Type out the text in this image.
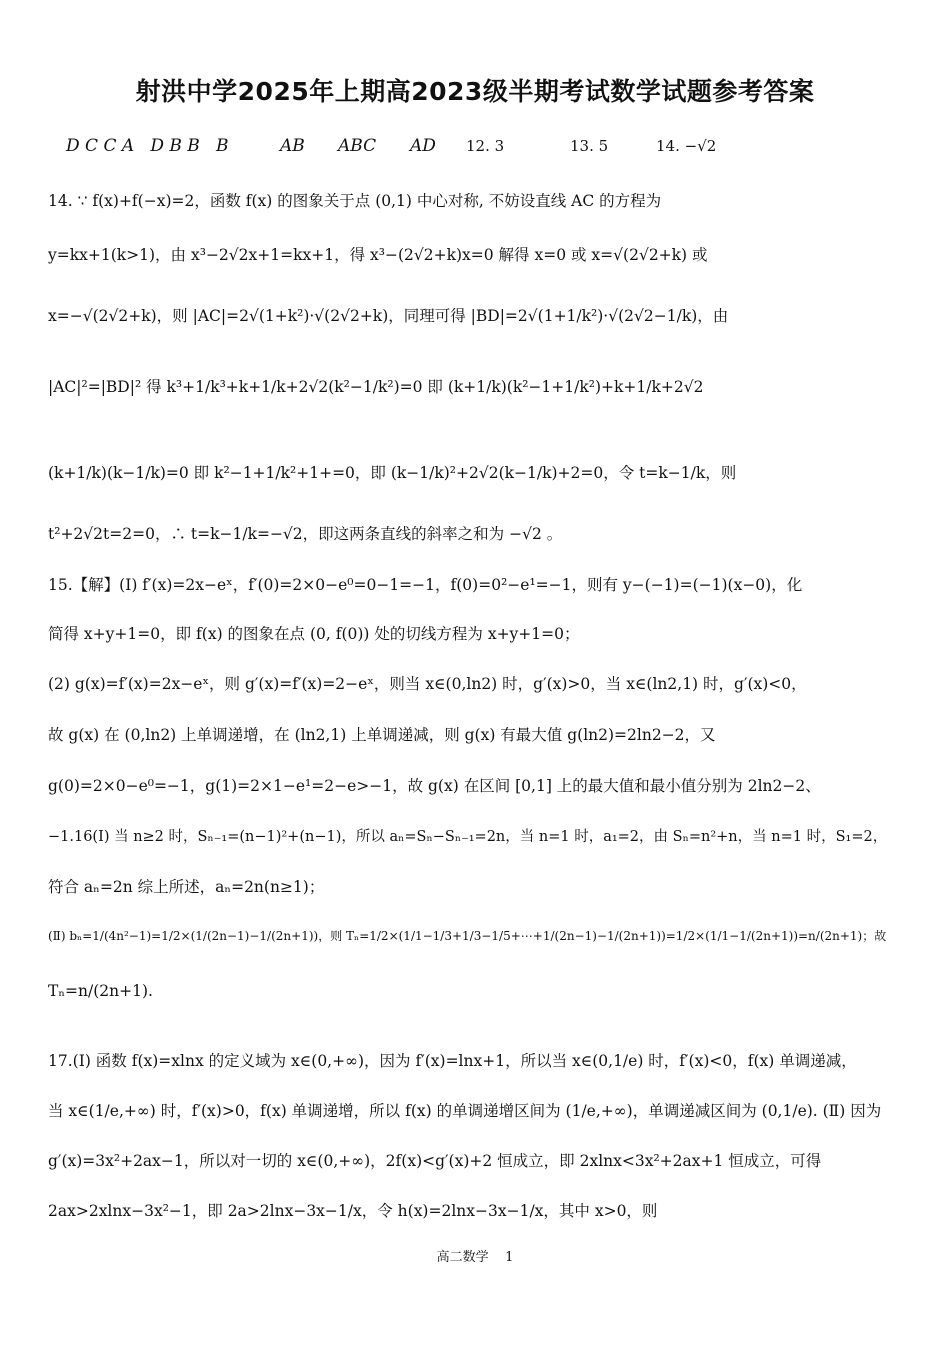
射洪中学2025年上期高2023级半期考试数学试题参考答案
D C C A   D B B   B	AB	ABC	AD	12. 3	13. 5	14. −√2
14. ∵ f(x)+f(−x)=2，函数 f(x) 的图象关于点 (0,1) 中心对称, 不妨设直线 AC 的方程为
y=kx+1(k>1)，由 x³−2√2x+1=kx+1，得 x³−(2√2+k)x=0 解得 x=0 或 x=√(2√2+k) 或
x=−√(2√2+k)，则 |AC|=2√(1+k²)·√(2√2+k)，同理可得 |BD|=2√(1+1/k²)·√(2√2−1/k)，由
|AC|²=|BD|² 得 k³+1/k³+k+1/k+2√2(k²−1/k²)=0 即 (k+1/k)(k²−1+1/k²)+k+1/k+2√2
(k+1/k)(k−1/k)=0 即 k²−1+1/k²+1+=0，即 (k−1/k)²+2√2(k−1/k)+2=0，令 t=k−1/k，则
t²+2√2t=2=0，∴ t=k−1/k=−√2，即这两条直线的斜率之和为 −√2 。
15.【解】(Ⅰ) f′(x)=2x−eˣ，f′(0)=2×0−e⁰=0−1=−1，f(0)=0²−e¹=−1，则有 y−(−1)=(−1)(x−0)，化
简得 x+y+1=0，即 f(x) 的图象在点 (0, f(0)) 处的切线方程为 x+y+1=0；
(2) g(x)=f′(x)=2x−eˣ，则 g′(x)=f′(x)=2−eˣ，则当 x∈(0,ln2) 时，g′(x)>0，当 x∈(ln2,1) 时，g′(x)<0，
故 g(x) 在 (0,ln2) 上单调递增，在 (ln2,1) 上单调递减，则 g(x) 有最大值 g(ln2)=2ln2−2，又
g(0)=2×0−e⁰=−1，g(1)=2×1−e¹=2−e>−1，故 g(x) 在区间 [0,1] 上的最大值和最小值分别为 2ln2−2、
−1.16(Ⅰ) 当 n≥2 时，Sₙ₋₁=(n−1)²+(n−1)，所以 aₙ=Sₙ−Sₙ₋₁=2n，当 n=1 时，a₁=2，由 Sₙ=n²+n，当 n=1 时，S₁=2，
符合 aₙ=2n 综上所述，aₙ=2n(n≥1)；
(Ⅱ) bₙ=1/(4n²−1)=1/2×(1/(2n−1)−1/(2n+1))，则 Tₙ=1/2×(1/1−1/3+1/3−1/5+⋯+1/(2n−1)−1/(2n+1))=1/2×(1/1−1/(2n+1))=n/(2n+1)；故
Tₙ=n/(2n+1).
17.(Ⅰ) 函数 f(x)=xlnx 的定义域为 x∈(0,+∞)，因为 f′(x)=lnx+1，所以当 x∈(0,1/e) 时，f′(x)<0，f(x) 单调递减，
当 x∈(1/e,+∞) 时，f′(x)>0，f(x) 单调递增，所以 f(x) 的单调递增区间为 (1/e,+∞)，单调递减区间为 (0,1/e). (Ⅱ) 因为
g′(x)=3x²+2ax−1，所以对一切的 x∈(0,+∞)，2f(x)<g′(x)+2 恒成立，即 2xlnx<3x²+2ax+1 恒成立，可得
2ax>2xlnx−3x²−1，即 2a>2lnx−3x−1/x，令 h(x)=2lnx−3x−1/x，其中 x>0，则
高二数学    1
